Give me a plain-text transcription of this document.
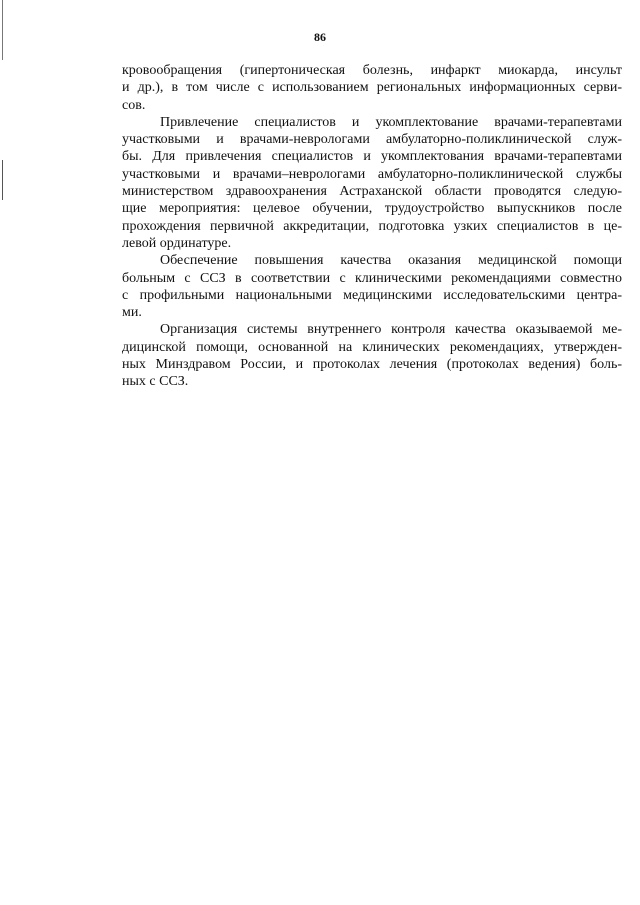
86
кровообращения (гипертоническая болезнь, инфаркт миокарда, инсульт
и др.), в том числе с использованием региональных информационных серви-
сов.
Привлечение специалистов и укомплектование врачами-терапевтами
участковыми и врачами-неврологами амбулаторно-поликлинической служ-
бы. Для привлечения специалистов и укомплектования врачами-терапевтами
участковыми и врачами–неврологами амбулаторно-поликлинической службы
министерством здравоохранения Астраханской области проводятся следую-
щие мероприятия: целевое обучении, трудоустройство выпускников после
прохождения первичной аккредитации, подготовка узких специалистов в це-
левой ординатуре.
Обеспечение повышения качества оказания медицинской помощи
больным с ССЗ в соответствии с клиническими рекомендациями совместно
с профильными национальными медицинскими исследовательскими центра-
ми.
Организация системы внутреннего контроля качества оказываемой ме-
дицинской помощи, основанной на клинических рекомендациях, утвержден-
ных Минздравом России, и протоколах лечения (протоколах ведения) боль-
ных с ССЗ.
